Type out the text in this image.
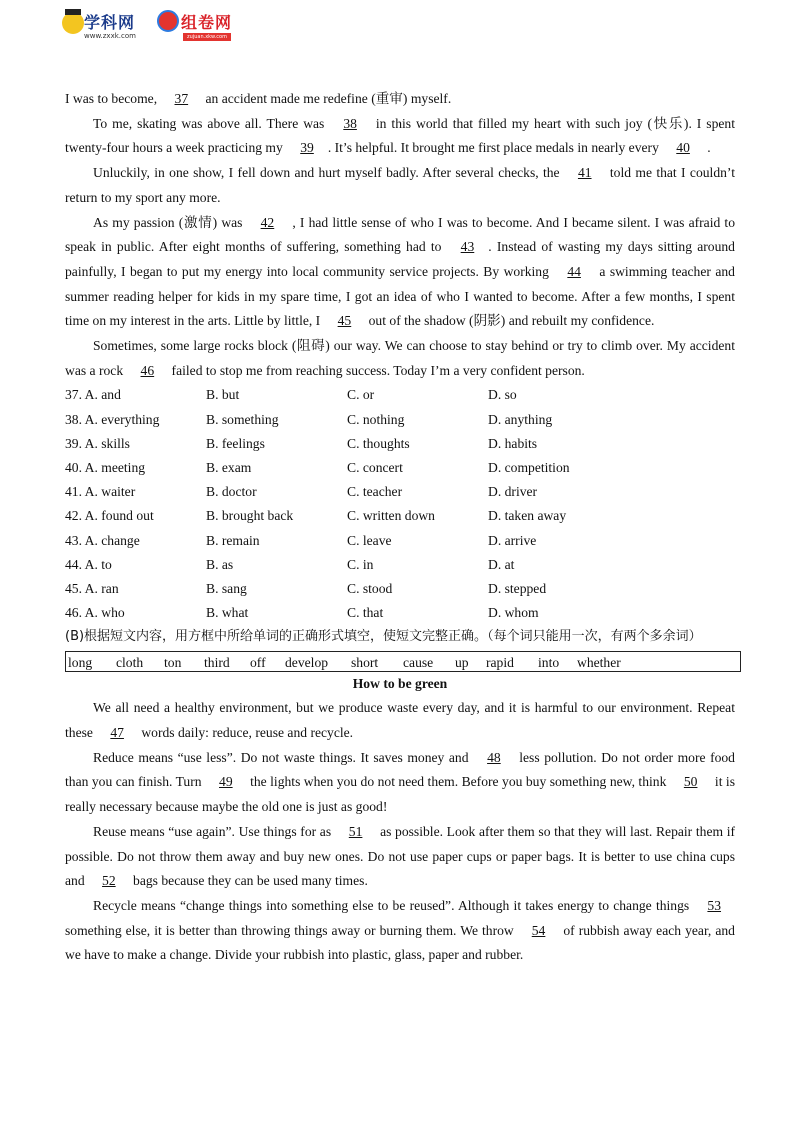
学科网
www.zxxk.com
组卷网
zujuan.xkw.com

I was to become, 37 an accident made me redefine (重审) myself.

To me, skating was above all. There was 38 in this world that filled my heart with such joy (快乐). I spent twenty-four hours a week practicing my 39 . It’s helpful. It brought me first place medals in nearly every 40 .

Unluckily, in one show, I fell down and hurt myself badly. After several checks, the 41 told me that I couldn’t return to my sport any more.

As my passion (激情) was 42 , I had little sense of who I was to become. And I became silent. I was afraid to speak in public. After eight months of suffering, something had to 43 . Instead of wasting my days sitting around painfully, I began to put my energy into local community service projects. By working 44 a swimming teacher and summer reading helper for kids in my spare time, I got an idea of who I wanted to become. After a few months, I spent time on my interest in the arts. Little by little, I 45 out of the shadow (阴影) and rebuilt my confidence.

Sometimes, some large rocks block (阻碍) our way. We can choose to stay behind or try to climb over. My accident was a rock 46 failed to stop me from reaching success. Today I’m a very confident person.

37. A. and	B. but	C. or	D. so
38. A. everything	B. something	C. nothing	D. anything
39. A. skills	B. feelings	C. thoughts	D. habits
40. A. meeting	B. exam	C. concert	D. competition
41. A. waiter	B. doctor	C. teacher	D. driver
42. A. found out	B. brought back	C. written down	D. taken away
43. A. change	B. remain	C. leave	D. arrive
44. A. to	B. as	C. in	D. at
45. A. ran	B. sang	C. stood	D. stepped
46. A. who	B. what	C. that	D. whom

(B)根据短文内容，用方框中所给单词的正确形式填空，使短文完整正确。（每个词只能用一次，有两个多余词）

long	cloth	ton	third	off	develop	short	cause	up	rapid	into	whether

How to be green

We all need a healthy environment, but we produce waste every day, and it is harmful to our environment. Repeat these 47 words daily: reduce, reuse and recycle.

Reduce means “use less”. Do not waste things. It saves money and 48 less pollution. Do not order more food than you can finish. Turn 49 the lights when you do not need them. Before you buy something new, think 50 it is really necessary because maybe the old one is just as good!

Reuse means “use again”. Use things for as 51 as possible. Look after them so that they will last. Repair them if possible. Do not throw them away and buy new ones. Do not use paper cups or paper bags. It is better to use china cups and 52 bags because they can be used many times.

Recycle means “change things into something else to be reused”. Although it takes energy to change things 53 something else, it is better than throwing things away or burning them. We throw 54 of rubbish away each year, and we have to make a change. Divide your rubbish into plastic, glass, paper and rubber.
